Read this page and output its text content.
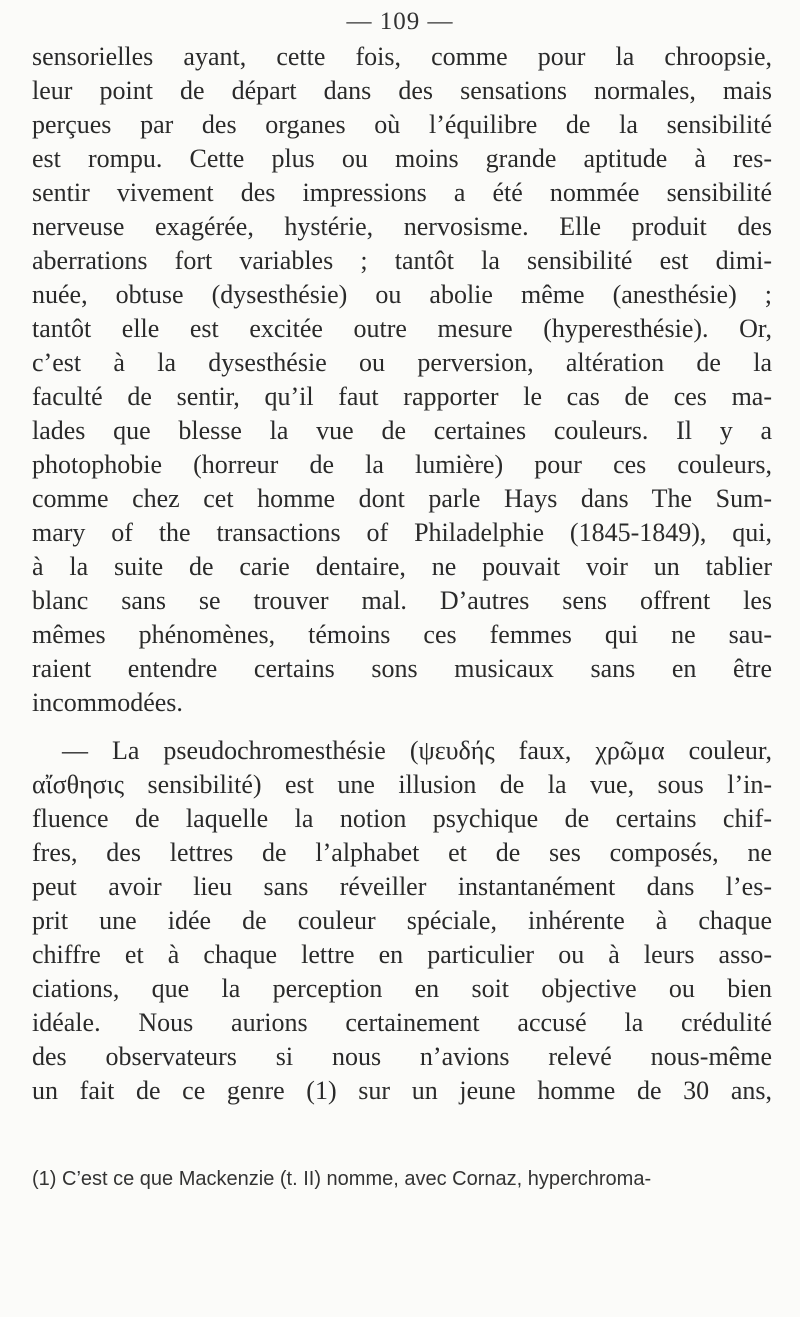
— 109 —
sensorielles ayant, cette fois, comme pour la chroopsie,
leur point de départ dans des sensations normales, mais
perçues par des organes où l’équilibre de la sensibilité
est rompu. Cette plus ou moins grande aptitude à res-
sentir vivement des impressions a été nommée sensibilité
nerveuse exagérée, hystérie, nervosisme. Elle produit des
aberrations fort variables ; tantôt la sensibilité est dimi-
nuée, obtuse (dysesthésie) ou abolie même (anesthésie) ;
tantôt elle est excitée outre mesure (hyperesthésie). Or,
c’est à la dysesthésie ou perversion, altération de la
faculté de sentir, qu’il faut rapporter le cas de ces ma-
lades que blesse la vue de certaines couleurs. Il y a
photophobie (horreur de la lumière) pour ces couleurs,
comme chez cet homme dont parle Hays dans The Sum-
mary of the transactions of Philadelphie (1845-1849), qui,
à la suite de carie dentaire, ne pouvait voir un tablier
blanc sans se trouver mal. D’autres sens offrent les
mêmes phénomènes, témoins ces femmes qui ne sau-
raient entendre certains sons musicaux sans en être
incommodées.
— La pseudochromesthésie (ψευδής faux, χρῶμα couleur,
αἴσθησις sensibilité) est une illusion de la vue, sous l’in-
fluence de laquelle la notion psychique de certains chif-
fres, des lettres de l’alphabet et de ses composés, ne
peut avoir lieu sans réveiller instantanément dans l’es-
prit une idée de couleur spéciale, inhérente à chaque
chiffre et à chaque lettre en particulier ou à leurs asso-
ciations, que la perception en soit objective ou bien
idéale. Nous aurions certainement accusé la crédulité
des observateurs si nous n’avions relevé nous-même
un fait de ce genre (1) sur un jeune homme de 30 ans,
(1) C’est ce que Mackenzie (t. II) nomme, avec Cornaz, hyperchroma-
